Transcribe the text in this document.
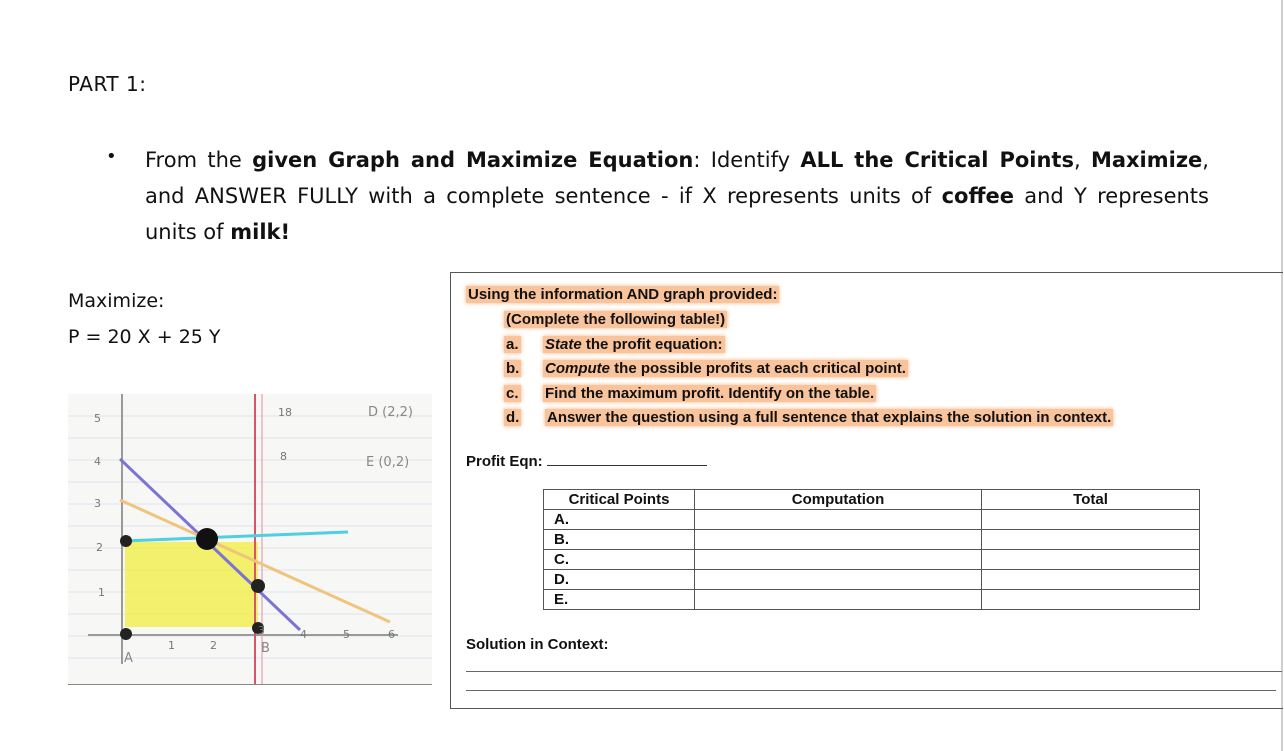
PART 1:
• From the given Graph and Maximize Equation: Identify ALL the Critical Points, Maximize, and ANSWER FULLY with a complete sentence - if X represents units of coffee and Y represents units of milk!
Maximize:
P = 20 X + 25 Y
5
4
3
2
1
1	2
3	4	5	6
18
8
D (2,2)
E (0,2)
A
B
Using the information AND graph provided:
(Complete the following table!)
a. State the profit equation:
b. Compute the possible profits at each critical point.
c. Find the maximum profit. Identify on the table.
d. Answer the question using a full sentence that explains the solution in context.
Profit Eqn:
Critical Points	Computation	Total
A.		
B.		
C.		
D.		
E.		
Solution in Context:
